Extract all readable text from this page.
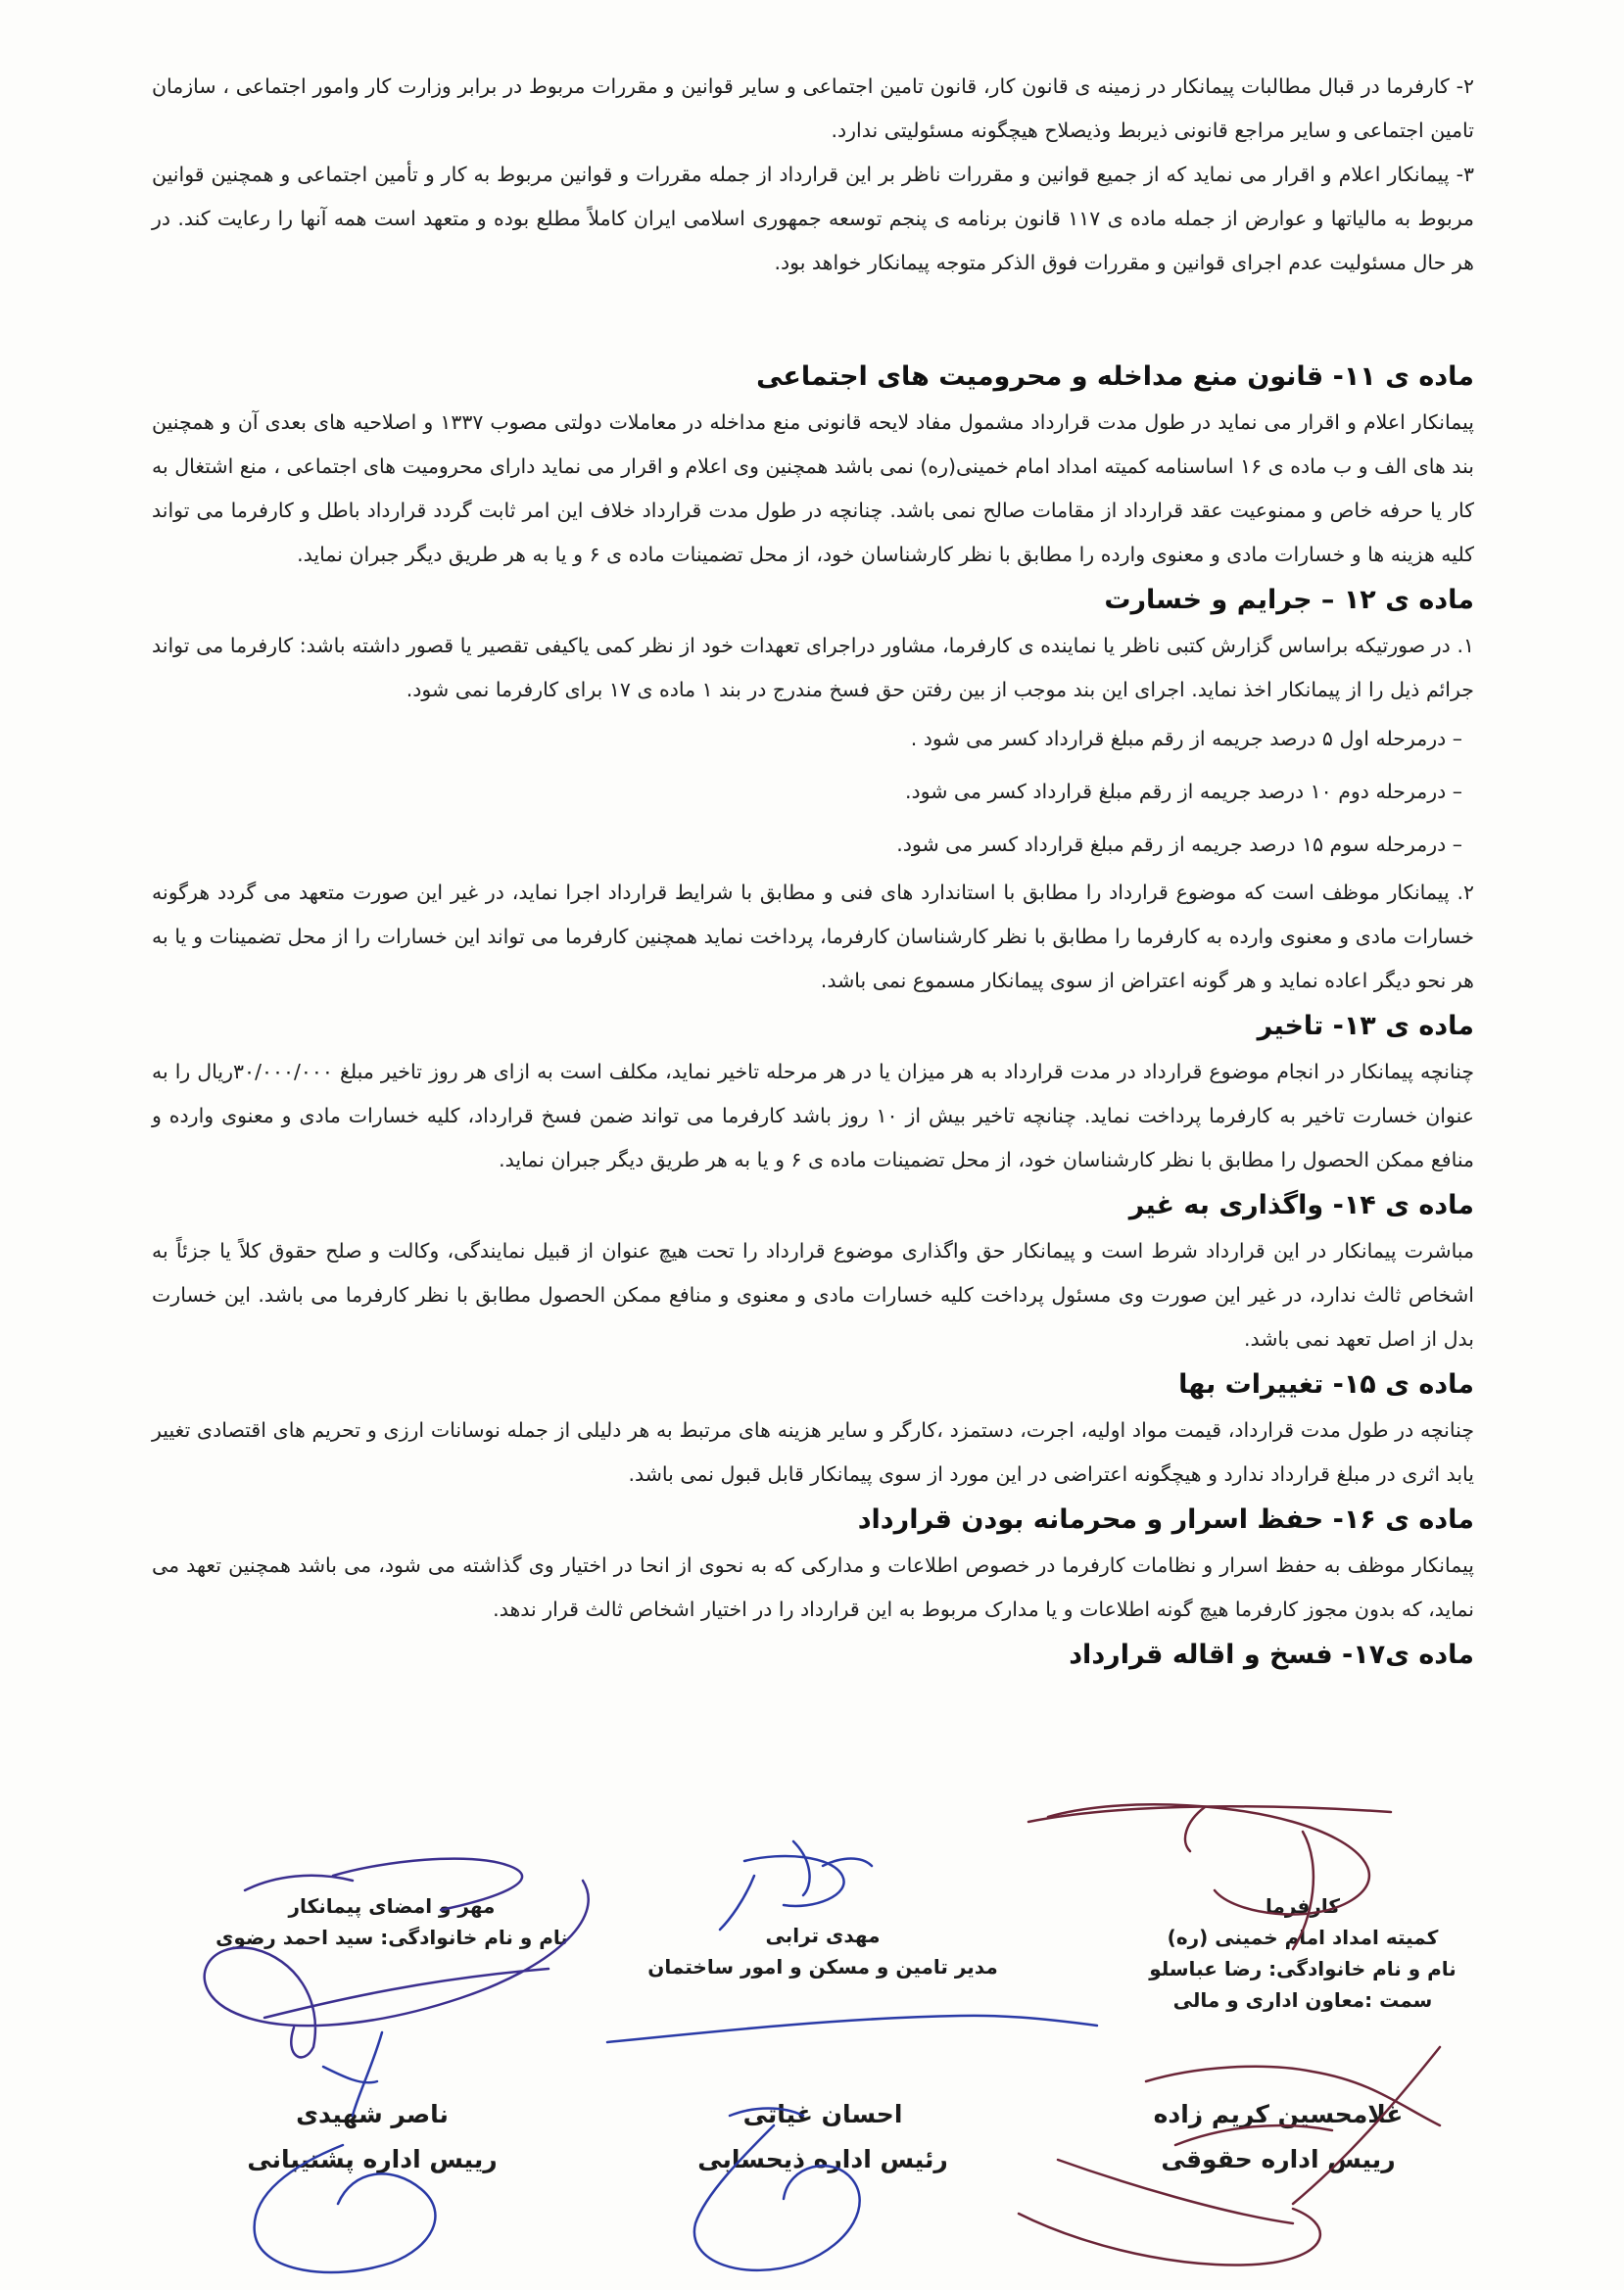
۲- کارفرما در قبال مطالبات پیمانکار در زمینه ی قانون کار، قانون تامین اجتماعی و سایر قوانین و مقررات مربوط در برابر وزارت کار وامور اجتماعی ، سازمان تامین اجتماعی و سایر مراجع قانونی ذیربط وذیصلاح هیچگونه مسئولیتی ندارد.

۳- پیمانکار اعلام و اقرار می نماید که از جمیع قوانین و مقررات ناظر بر این قرارداد از جمله مقررات و قوانین مربوط به کار و تأمین اجتماعی و همچنین قوانین مربوط به مالیاتها و عوارض از جمله ماده ی ۱۱۷ قانون برنامه ی پنجم توسعه جمهوری اسلامی ایران کاملاً مطلع بوده و متعهد است همه آنها را رعایت کند. در هر حال مسئولیت عدم اجرای قوانین و مقررات فوق الذکر متوجه پیمانکار خواهد بود.

ماده ی ۱۱- قانون منع مداخله و محرومیت های اجتماعی

پیمانکار اعلام و اقرار می نماید در طول مدت قرارداد مشمول مفاد لایحه قانونی منع مداخله در معاملات دولتی مصوب ۱۳۳۷ و اصلاحیه های بعدی آن و همچنین بند های الف و ب ماده ی ۱۶ اساسنامه کمیته امداد امام خمینی(ره) نمی باشد همچنین وی اعلام و اقرار می نماید دارای محرومیت های اجتماعی ، منع اشتغال به کار یا حرفه خاص و ممنوعیت عقد قرارداد از مقامات صالح نمی باشد. چنانچه در طول مدت قرارداد خلاف این امر ثابت گردد قرارداد باطل و کارفرما می تواند کلیه هزینه ها و خسارات مادی و معنوی وارده را مطابق با نظر کارشناسان خود، از محل تضمینات ماده ی ۶ و یا به هر طریق دیگر جبران نماید.

ماده ی ۱۲ – جرایم و خسارت

۱. در صورتیکه براساس گزارش کتبی ناظر یا نماینده ی کارفرما، مشاور دراجرای تعهدات خود از نظر کمی یاکیفی تقصیر یا قصور داشته باشد: کارفرما می تواند جرائم ذیل را از پیمانکار اخذ نماید. اجرای این بند موجب از بین رفتن حق فسخ مندرج در بند ۱ ماده ی ۱۷ برای کارفرما نمی شود.

– درمرحله اول ۵ درصد جریمه از رقم مبلغ قرارداد کسر می شود .

– درمرحله دوم ۱۰ درصد جریمه از رقم مبلغ قرارداد کسر می شود.

– درمرحله سوم ۱۵ درصد جریمه از رقم مبلغ قرارداد کسر می شود.

۲. پیمانکار موظف است که موضوع قرارداد را مطابق با استاندارد های فنی و مطابق با شرایط قرارداد اجرا نماید، در غیر این صورت متعهد می گردد هرگونه خسارات مادی و معنوی وارده به کارفرما را مطابق با نظر کارشناسان کارفرما، پرداخت نماید همچنین کارفرما می تواند این خسارات را از محل تضمینات و یا به هر نحو دیگر اعاده نماید و هر گونه اعتراض از سوی پیمانکار مسموع نمی باشد.

ماده ی ۱۳- تاخیر

چنانچه پیمانکار در انجام موضوع قرارداد در مدت قرارداد به هر میزان یا در هر مرحله تاخیر نماید، مکلف است به ازای هر روز تاخیر مبلغ ۳۰/۰۰۰/۰۰۰ریال را به عنوان خسارت تاخیر به کارفرما پرداخت نماید. چنانچه تاخیر بیش از ۱۰ روز باشد کارفرما می تواند ضمن فسخ قرارداد، کلیه خسارات مادی و معنوی وارده و منافع ممکن الحصول را مطابق با نظر کارشناسان خود، از محل تضمینات ماده ی ۶ و یا به هر طریق دیگر جبران نماید.

ماده ی ۱۴- واگذاری به غیر

مباشرت پیمانکار در این قرارداد شرط است و پیمانکار حق واگذاری موضوع قرارداد را تحت هیچ عنوان از قبیل نمایندگی، وکالت و صلح حقوق کلاً یا جزئاً به اشخاص ثالث ندارد، در غیر این صورت وی مسئول پرداخت کلیه خسارات مادی و معنوی و منافع ممکن الحصول مطابق با نظر کارفرما می باشد. این خسارت بدل از اصل تعهد نمی باشد.

ماده ی ۱۵- تغییرات بها

چنانچه در طول مدت قرارداد، قیمت مواد اولیه، اجرت، دستمزد ،کارگر و سایر هزینه های مرتبط به هر دلیلی از جمله نوسانات ارزی و تحریم های اقتصادی تغییر یابد اثری در مبلغ قرارداد ندارد و هیچگونه اعتراضی در این مورد از سوی پیمانکار قابل قبول نمی باشد.

ماده ی ۱۶- حفظ اسرار و محرمانه بودن قرارداد

پیمانکار موظف به حفظ اسرار و نظامات کارفرما در خصوص اطلاعات و مدارکی که به نحوی از انحا در اختیار وی گذاشته می شود، می باشد همچنین تعهد می نماید، که بدون مجوز کارفرما هیچ گونه اطلاعات و یا مدارک مربوط به این قرارداد را در اختیار اشخاص ثالث قرار ندهد.

ماده ی۱۷- فسخ و اقاله قرارداد
کارفرما
کمیته امداد امام خمینی (ره)
نام و نام خانوادگی: رضا عباسلو
سمت :معاون اداری و مالی
مهدی ترابی
مدیر تامین و مسکن و امور ساختمان
مهر و امضای پیمانکار
نام و نام خانوادگی: سید احمد رضوی
غلامحسین کریم زاده
رییس اداره حقوقی
احسان غیاثی
رئیس اداره ذیحسابی
ناصر شهیدی
رییس اداره پشتیبانی
